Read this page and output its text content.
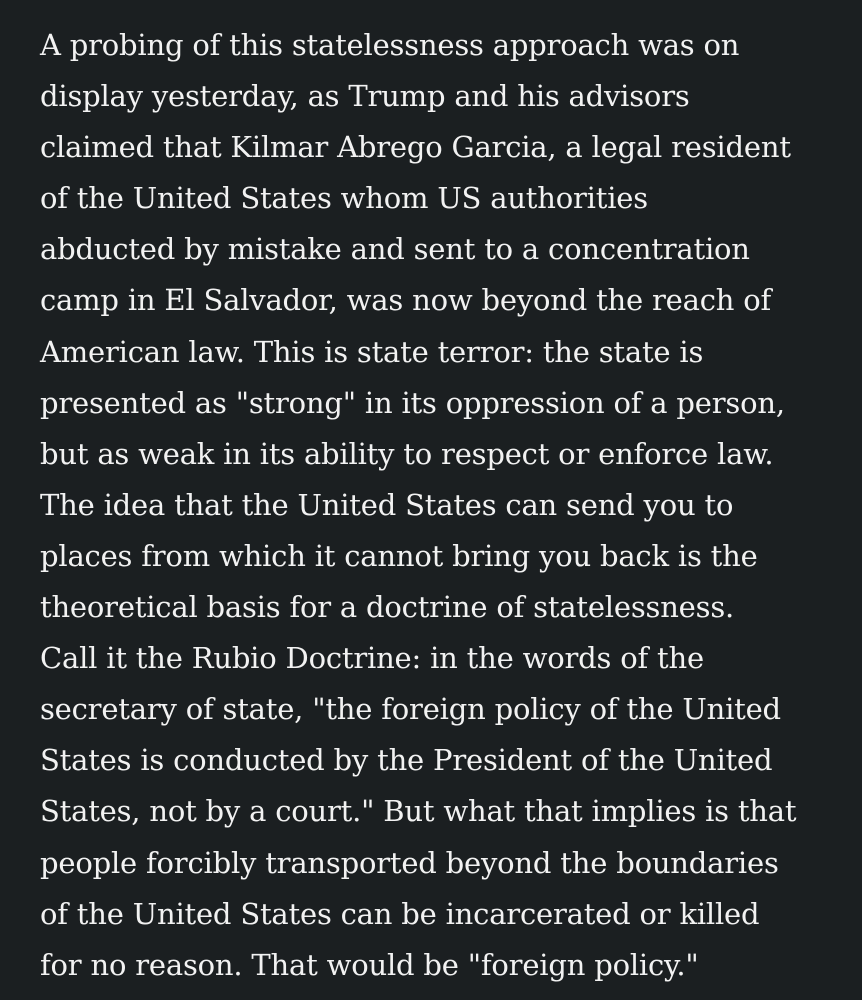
A probing of this statelessness approach was on
display yesterday, as Trump and his advisors
claimed that Kilmar Abrego Garcia, a legal resident
of the United States whom US authorities
abducted by mistake and sent to a concentration
camp in El Salvador, was now beyond the reach of
American law. This is state terror: the state is
presented as "strong" in its oppression of a person,
but as weak in its ability to respect or enforce law.
The idea that the United States can send you to
places from which it cannot bring you back is the
theoretical basis for a doctrine of statelessness.
Call it the Rubio Doctrine: in the words of the
secretary of state, "the foreign policy of the United
States is conducted by the President of the United
States, not by a court." But what that implies is that
people forcibly transported beyond the boundaries
of the United States can be incarcerated or killed
for no reason. That would be "foreign policy."
